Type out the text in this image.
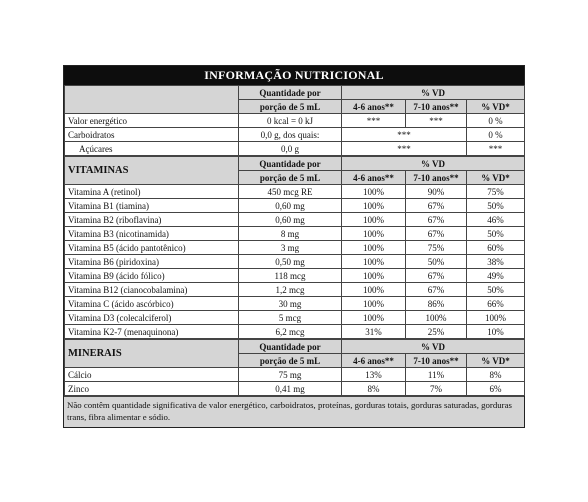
INFORMAÇÃO NUTRICIONAL
	Quantidade por	% VD		
	porção de 5 mL	4-6 anos**	7-10 anos**	% VD*
Valor energético	0 kcal = 0 kJ	***	***	0 %
Carboidratos	0,0 g, dos quais:	***		0 %
Açúcares	0,0 g	***		***
VITAMINAS	Quantidade por	% VD		
	porção de 5 mL	4-6 anos**	7-10 anos**	% VD*
Vitamina A (retinol)	450 mcg RE	100%	90%	75%
Vitamina B1 (tiamina)	0,60 mg	100%	67%	50%
Vitamina B2 (riboflavina)	0,60 mg	100%	67%	46%
Vitamina B3 (nicotinamida)	8 mg	100%	67%	50%
Vitamina B5 (ácido pantotênico)	3 mg	100%	75%	60%
Vitamina B6 (piridoxina)	0,50 mg	100%	50%	38%
Vitamina B9 (ácido fólico)	118 mcg	100%	67%	49%
Vitamina B12 (cianocobalamina)	1,2 mcg	100%	67%	50%
Vitamina C (ácido ascórbico)	30 mg	100%	86%	66%
Vitamina D3 (colecalciferol)	5 mcg	100%	100%	100%
Vitamina K2-7 (menaquinona)	6,2 mcg	31%	25%	10%
MINERAIS	Quantidade por	% VD		
	porção de 5 mL	4-6 anos**	7-10 anos**	% VD*
Cálcio	75 mg	13%	11%	8%
Zinco	0,41 mg	8%	7%	6%
Não contêm quantidade significativa de valor energético, carboidratos, proteínas, gorduras totais, gorduras saturadas, gorduras trans, fibra alimentar e sódio.
